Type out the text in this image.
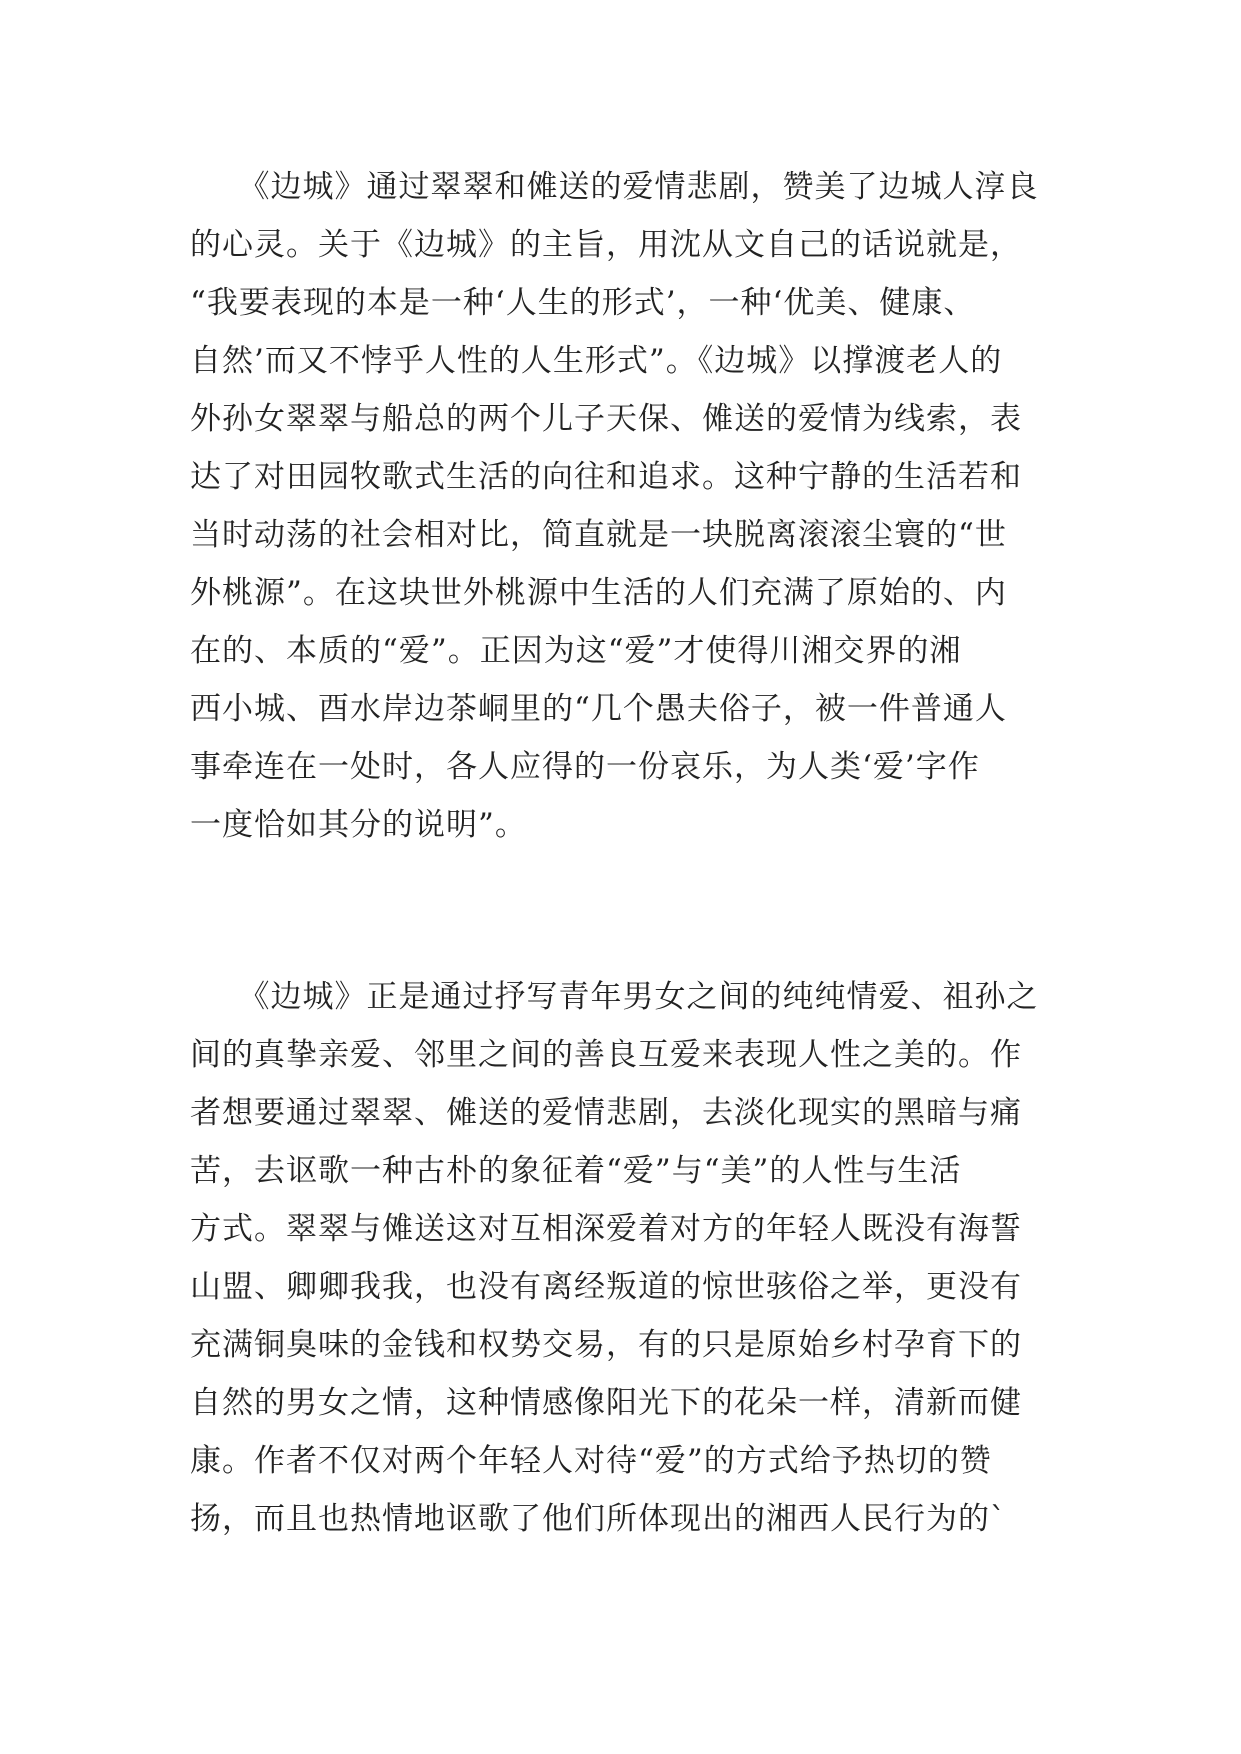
　　《边城》通过翠翠和傩送的爱情悲剧，赞美了边城人淳良
的心灵。关于《边城》的主旨，用沈从文自己的话说就是，
“我要表现的本是一种‘人生的形式’，一种‘优美、健康、
自然’而又不悖乎人性的人生形式”。《边城》以撑渡老人的
外孙女翠翠与船总的两个儿子天保、傩送的爱情为线索，表
达了对田园牧歌式生活的向往和追求。这种宁静的生活若和
当时动荡的社会相对比，简直就是一块脱离滚滚尘寰的“世
外桃源”。在这块世外桃源中生活的人们充满了原始的、内
在的、本质的“爱”。正因为这“爱”才使得川湘交界的湘
西小城、酉水岸边茶峒里的“几个愚夫俗子，被一件普通人
事牵连在一处时，各人应得的一份哀乐，为人类‘爱’字作
一度恰如其分的说明”。
　　《边城》正是通过抒写青年男女之间的纯纯情爱、祖孙之
间的真挚亲爱、邻里之间的善良互爱来表现人性之美的。作
者想要通过翠翠、傩送的爱情悲剧，去淡化现实的黑暗与痛
苦，去讴歌一种古朴的象征着“爱”与“美”的人性与生活
方式。翠翠与傩送这对互相深爱着对方的年轻人既没有海誓
山盟、卿卿我我，也没有离经叛道的惊世骇俗之举，更没有
充满铜臭味的金钱和权势交易，有的只是原始乡村孕育下的
自然的男女之情，这种情感像阳光下的花朵一样，清新而健
康。作者不仅对两个年轻人对待“爱”的方式给予热切的赞
扬，而且也热情地讴歌了他们所体现出的湘西人民行为的`
